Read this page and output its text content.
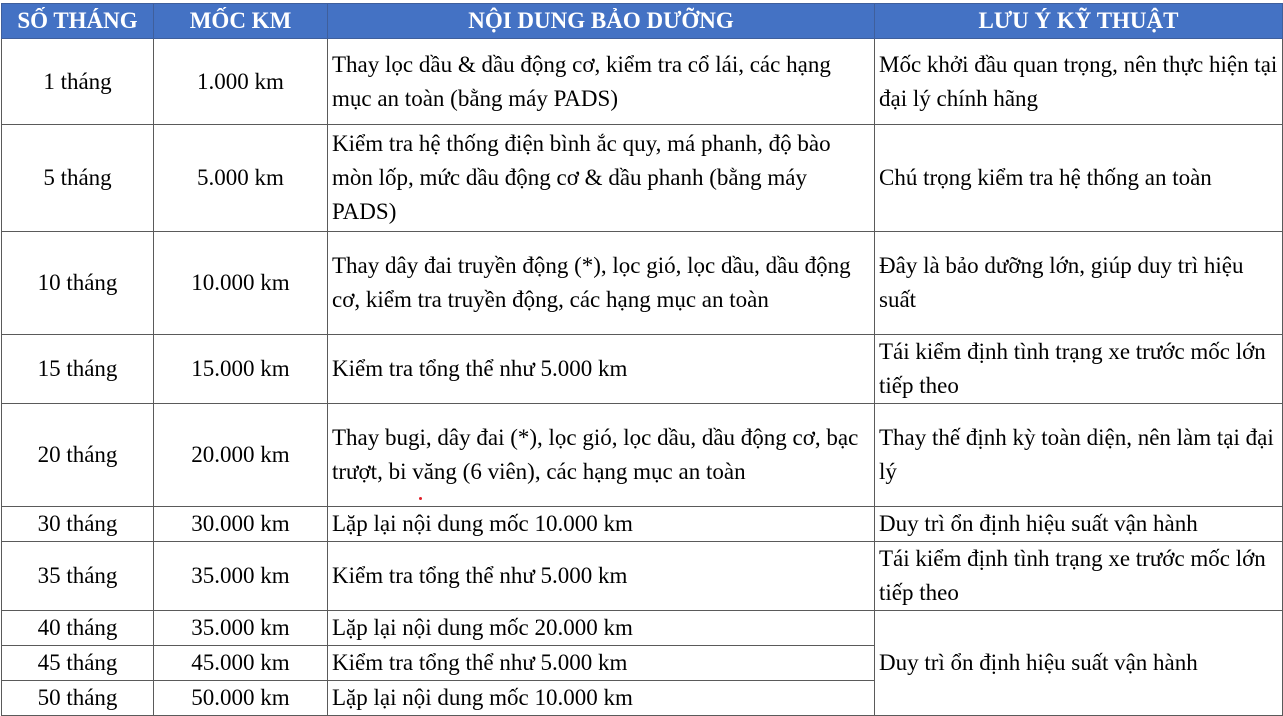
SỐ THÁNG	MỐC KM	NỘI DUNG BẢO DƯỠNG	LƯU Ý KỸ THUẬT
1 tháng	1.000 km	Thay lọc dầu & dầu động cơ, kiểm tra cổ lái, các hạng mục an toàn (bằng máy PADS)	Mốc khởi đầu quan trọng, nên thực hiện tại đại lý chính hãng
5 tháng	5.000 km	Kiểm tra hệ thống điện bình ắc quy, má phanh, độ bào mòn lốp, mức dầu động cơ & dầu phanh (bằng máy PADS)	Chú trọng kiểm tra hệ thống an toàn
10 tháng	10.000 km	Thay dây đai truyền động (*), lọc gió, lọc dầu, dầu động cơ, kiểm tra truyền động, các hạng mục an toàn	Đây là bảo dưỡng lớn, giúp duy trì hiệu suất
15 tháng	15.000 km	Kiểm tra tổng thể như 5.000 km	Tái kiểm định tình trạng xe trước mốc lớn tiếp theo
20 tháng	20.000 km	Thay bugi, dây đai (*), lọc gió, lọc dầu, dầu động cơ, bạc trượt, bi văng (6 viên), các hạng mục an toàn	Thay thế định kỳ toàn diện, nên làm tại đại lý
30 tháng	30.000 km	Lặp lại nội dung mốc 10.000 km	Duy trì ổn định hiệu suất vận hành
35 tháng	35.000 km	Kiểm tra tổng thể như 5.000 km	Tái kiểm định tình trạng xe trước mốc lớn tiếp theo
40 tháng	35.000 km	Lặp lại nội dung mốc 20.000 km	Duy trì ổn định hiệu suất vận hành
45 tháng	45.000 km	Kiểm tra tổng thể như 5.000 km	
50 tháng	50.000 km	Lặp lại nội dung mốc 10.000 km	
